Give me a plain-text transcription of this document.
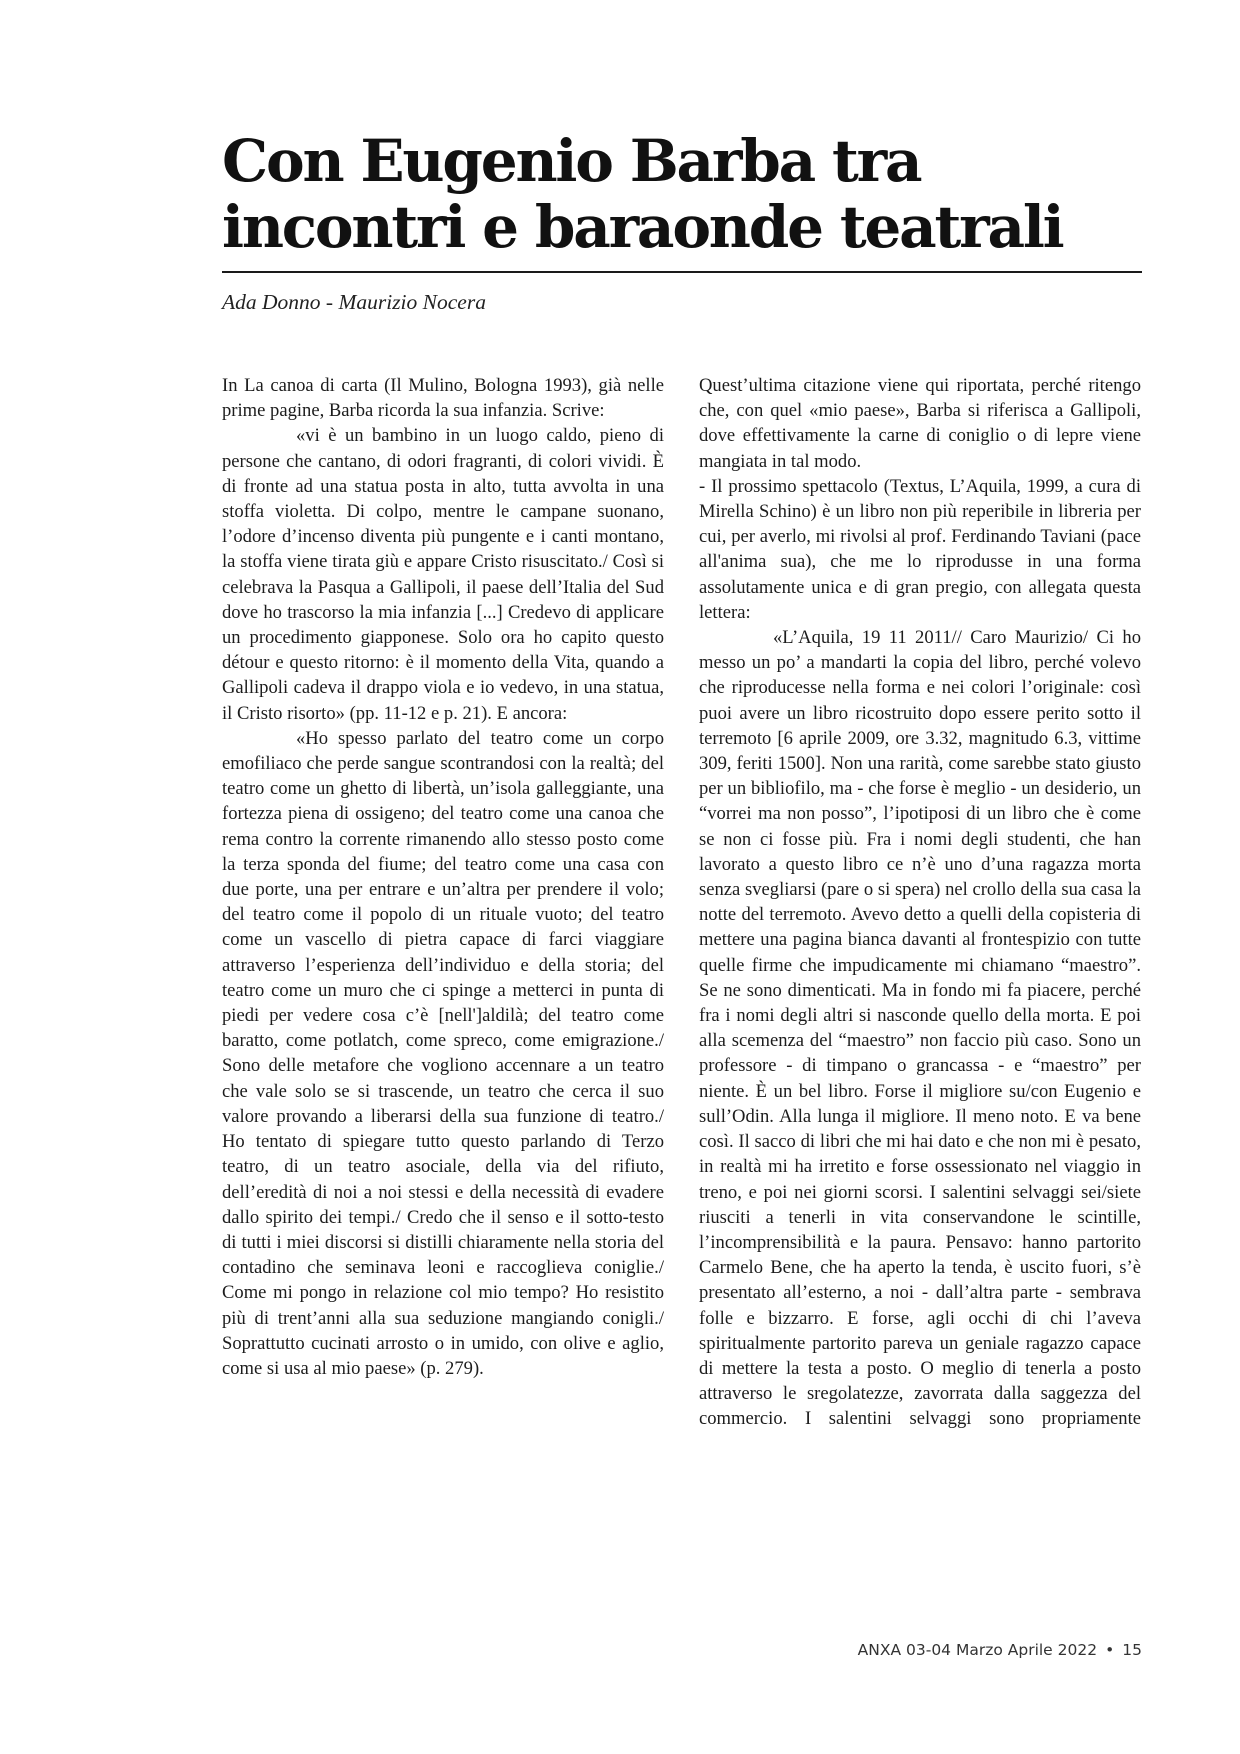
Con Eugenio Barba tra incontri e baraonde teatrali
Ada Donno - Maurizio Nocera

In La canoa di carta (Il Mulino, Bologna 1993), già nelle prime pagine, Barba ricorda la sua infanzia. Scrive:

«vi è un bambino in un luogo caldo, pieno di persone che cantano, di odori fragranti, di colori vividi. È di fronte ad una statua posta in alto, tutta avvolta in una stoffa violetta. Di colpo, mentre le campane suonano, l’odore d’incenso diventa più pungente e i canti montano, la stoffa viene tirata giù e appare Cristo risuscitato./ Così si celebrava la Pasqua a Gallipoli, il paese dell’Italia del Sud dove ho trascorso la mia infanzia [...] Credevo di applicare un procedimento giapponese. Solo ora ho capito questo détour e questo ritorno: è il momento della Vita, quando a Gallipoli cadeva il drappo viola e io vedevo, in una statua, il Cristo risorto» (pp. 11-12 e p. 21). E ancora:

«Ho spesso parlato del teatro come un corpo emofiliaco che perde sangue scontrandosi con la realtà; del teatro come un ghetto di libertà, un’isola galleggiante, una fortezza piena di ossigeno; del teatro come una canoa che rema contro la corrente rimanendo allo stesso posto come la terza sponda del fiume; del teatro come una casa con due porte, una per entrare e un’altra per prendere il volo; del teatro come il popolo di un rituale vuoto; del teatro come un vascello di pietra capace di farci viaggiare attraverso l’esperienza dell’individuo e della storia; del teatro come un muro che ci spinge a metterci in punta di piedi per vedere cosa c’è [nell']aldilà; del teatro come baratto, come potlatch, come spreco, come emigrazione./ Sono delle metafore che vogliono accennare a un teatro che vale solo se si trascende, un teatro che cerca il suo valore provando a liberarsi della sua funzione di teatro./ Ho tentato di spiegare tutto questo parlando di Terzo teatro, di un teatro asociale, della via del rifiuto, dell’eredità di noi a noi stessi e della necessità di evadere dallo spirito dei tempi./ Credo che il senso e il sotto-testo di tutti i miei discorsi si distilli chiaramente nella storia del contadino che seminava leoni e raccoglieva coniglie./ Come mi pongo in relazione col mio tempo? Ho resistito più di trent’anni alla sua seduzione mangiando conigli./ Soprattutto cucinati arrosto o in umido, con olive e aglio, come si usa al mio paese» (p. 279).

Quest’ultima citazione viene qui riportata, perché ritengo che, con quel «mio paese», Barba si riferisca a Gallipoli, dove effettivamente la carne di coniglio o di lepre viene mangiata in tal modo.

- Il prossimo spettacolo (Textus, L’Aquila, 1999, a cura di Mirella Schino) è un libro non più reperibile in libreria per cui, per averlo, mi rivolsi al prof. Ferdinando Taviani (pace all'anima sua), che me lo riprodusse in una forma assolutamente unica e di gran pregio, con allegata questa lettera:

«L’Aquila, 19 11 2011// Caro Maurizio/ Ci ho messo un po’ a mandarti la copia del libro, perché volevo che riproducesse nella forma e nei colori l’originale: così puoi avere un libro ricostruito dopo essere perito sotto il terremoto [6 aprile 2009, ore 3.32, magnitudo 6.3, vittime 309, feriti 1500]. Non una rarità, come sarebbe stato giusto per un bibliofilo, ma - che forse è meglio - un desiderio, un “vorrei ma non posso”, l’ipotiposi di un libro che è come se non ci fosse più. Fra i nomi degli studenti, che han lavorato a questo libro ce n’è uno d’una ragazza morta senza svegliarsi (pare o si spera) nel crollo della sua casa la notte del terremoto. Avevo detto a quelli della copisteria di mettere una pagina bianca davanti al frontespizio con tutte quelle firme che impudicamente mi chiamano “maestro”. Se ne sono dimenticati. Ma in fondo mi fa piacere, perché fra i nomi degli altri si nasconde quello della morta. E poi alla scemenza del “maestro” non faccio più caso. Sono un professore - di timpano o grancassa - e “maestro” per niente. È un bel libro. Forse il migliore su/con Eugenio e sull’Odin. Alla lunga il migliore. Il meno noto. E va bene così. Il sacco di libri che mi hai dato e che non mi è pesato, in realtà mi ha irretito e forse ossessionato nel viaggio in treno, e poi nei giorni scorsi. I salentini selvaggi sei/siete riusciti a tenerli in vita conservandone le scintille, l’incomprensibilità e la paura. Pensavo: hanno partorito Carmelo Bene, che ha aperto la tenda, è uscito fuori, s’è presentato all’esterno, a noi - dall’altra parte - sembrava folle e bizzarro. E forse, agli occhi di chi l’aveva spiritualmente partorito pareva un geniale ragazzo capace di mettere la testa a posto. O meglio di tenerla a posto attraverso le sregolatezze, zavorrata dalla saggezza del commercio. I salentini selvaggi sono propriamente

ANXA 03-04 Marzo Aprile 2022 • 15
